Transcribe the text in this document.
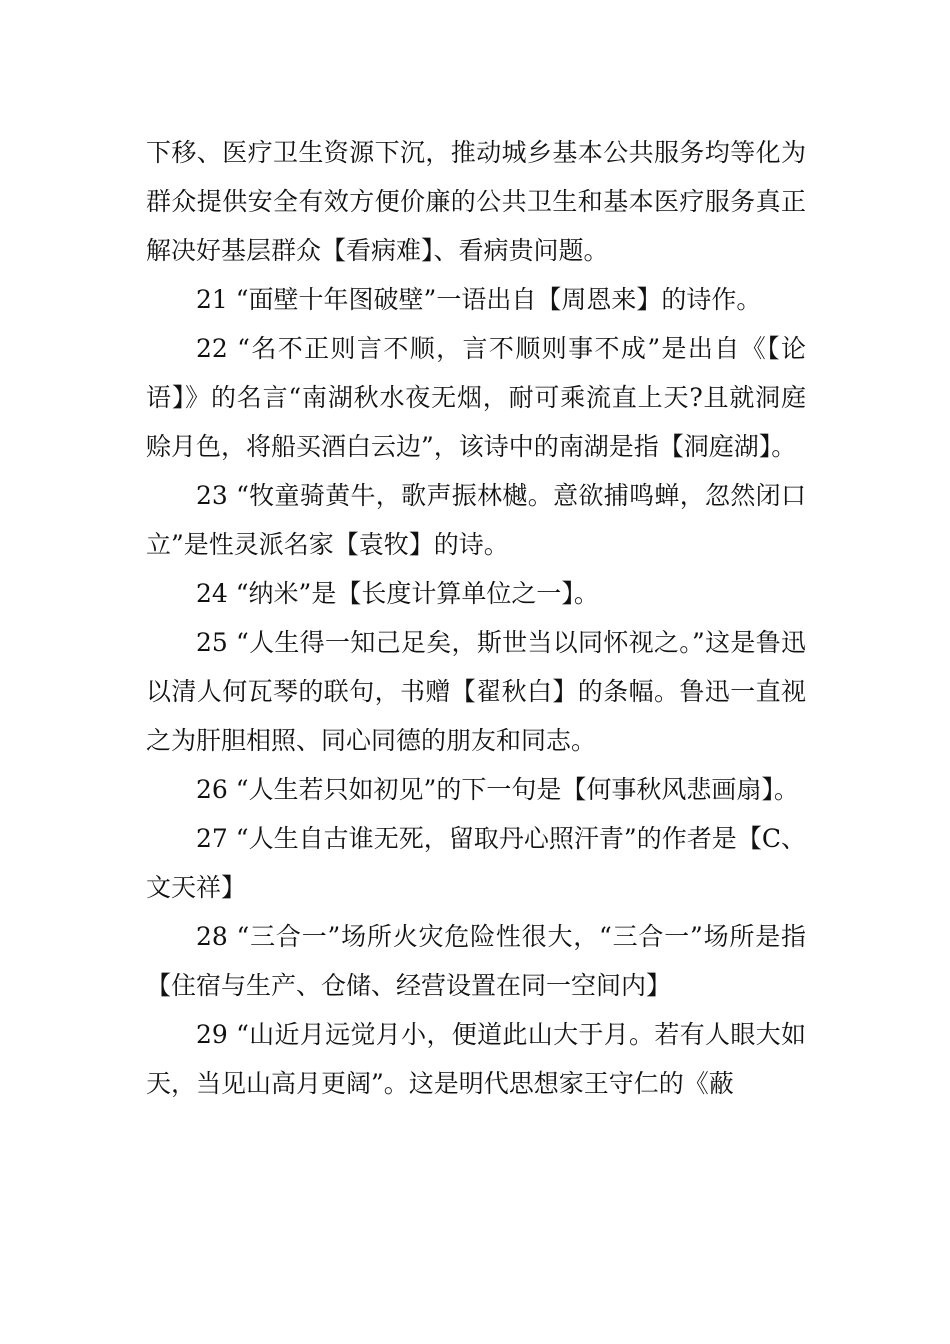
下移、医疗卫生资源下沉，推动城乡基本公共服务均等化为群众提供安全有效方便价廉的公共卫生和基本医疗服务真正解决好基层群众【看病难】、看病贵问题。

21 “面壁十年图破壁”一语出自【周恩来】的诗作。

22 “名不正则言不顺，言不顺则事不成”是出自《【论语】》的名言“南湖秋水夜无烟，耐可乘流直上天?且就洞庭赊月色，将船买酒白云边”，该诗中的南湖是指【洞庭湖】。

23 “牧童骑黄牛，歌声振林樾。意欲捕鸣蝉，忽然闭口立”是性灵派名家【袁牧】的诗。

24 “纳米”是【长度计算单位之一】。

25 “人生得一知己足矣，斯世当以同怀视之。”这是鲁迅以清人何瓦琴的联句，书赠【翟秋白】的条幅。鲁迅一直视之为肝胆相照、同心同德的朋友和同志。

26 “人生若只如初见”的下一句是【何事秋风悲画扇】。

27 “人生自古谁无死，留取丹心照汗青”的作者是【C、文天祥】

28 “三合一”场所火灾危险性很大，“三合一”场所是指【住宿与生产、仓储、经营设置在同一空间内】

29 “山近月远觉月小，便道此山大于月。若有人眼大如天，当见山高月更阔”。这是明代思想家王守仁的《蔽
